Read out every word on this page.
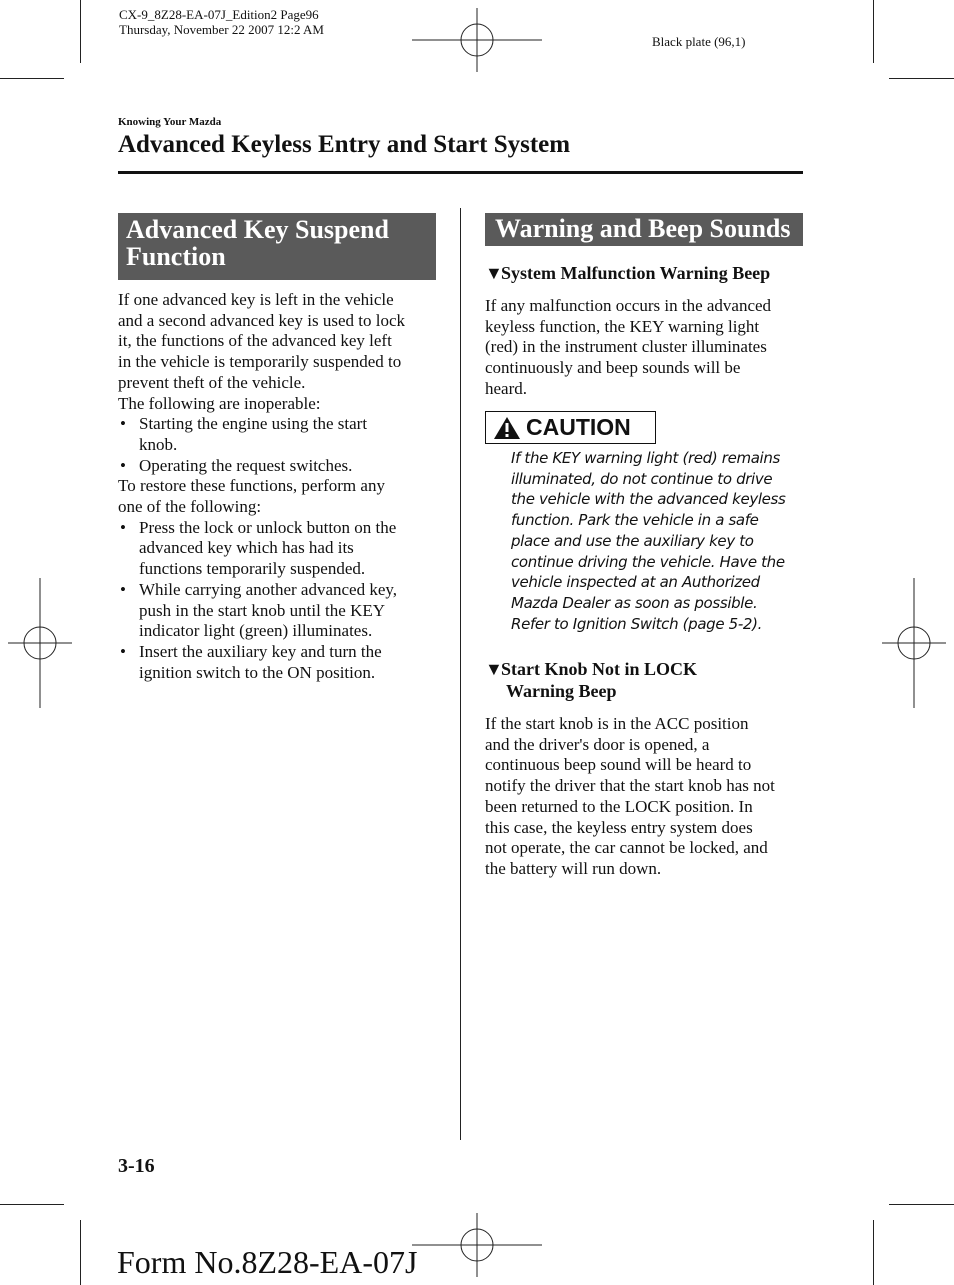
CX-9_8Z28-EA-07J_Edition2 Page96
Thursday, November 22 2007 12:2 AM
Black plate (96,1)
Knowing Your Mazda
Advanced Keyless Entry and Start System
Advanced Key Suspend
Function
If one advanced key is left in the vehicle
and a second advanced key is used to lock
it, the functions of the advanced key left
in the vehicle is temporarily suspended to
prevent theft of the vehicle.
The following are inoperable:
• Starting the engine using the start
knob.
• Operating the request switches.
To restore these functions, perform any
one of the following:
• Press the lock or unlock button on the
advanced key which has had its
functions temporarily suspended.
• While carrying another advanced key,
push in the start knob until the KEY
indicator light (green) illuminates.
• Insert the auxiliary key and turn the
ignition switch to the ON position.
Warning and Beep Sounds
▼System Malfunction Warning Beep
If any malfunction occurs in the advanced
keyless function, the KEY warning light
(red) in the instrument cluster illuminates
continuously and beep sounds will be
heard.
CAUTION
If the KEY warning light (red) remains
illuminated, do not continue to drive
the vehicle with the advanced keyless
function. Park the vehicle in a safe
place and use the auxiliary key to
continue driving the vehicle. Have the
vehicle inspected at an Authorized
Mazda Dealer as soon as possible.
Refer to Ignition Switch (page 5-2).
▼Start Knob Not in LOCK
Warning Beep
If the start knob is in the ACC position
and the driver's door is opened, a
continuous beep sound will be heard to
notify the driver that the start knob has not
been returned to the LOCK position. In
this case, the keyless entry system does
not operate, the car cannot be locked, and
the battery will run down.
3-16
Form No.8Z28-EA-07J
